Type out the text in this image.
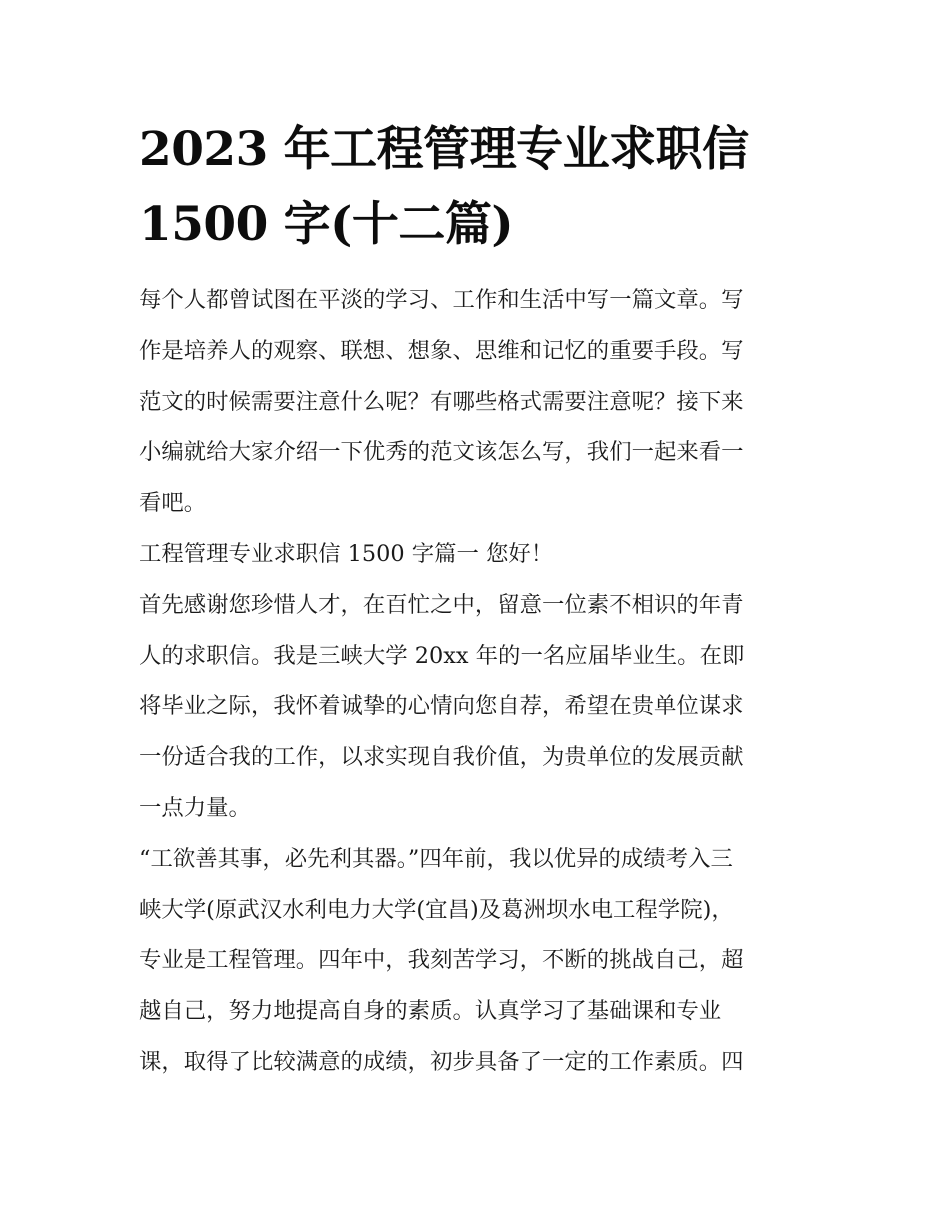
2023 年工程管理专业求职信
1500 字(十二篇)
每个人都曾试图在平淡的学习、工作和生活中写一篇文章。写
作是培养人的观察、联想、想象、思维和记忆的重要手段。写
范文的时候需要注意什么呢？有哪些格式需要注意呢？接下来
小编就给大家介绍一下优秀的范文该怎么写，我们一起来看一
看吧。
工程管理专业求职信 1500 字篇一 您好！
首先感谢您珍惜人才，在百忙之中，留意一位素不相识的年青
人的求职信。我是三峡大学 20xx 年的一名应届毕业生。在即
将毕业之际，我怀着诚挚的心情向您自荐，希望在贵单位谋求
一份适合我的工作，以求实现自我价值，为贵单位的发展贡献
一点力量。
“工欲善其事，必先利其器。”四年前，我以优异的成绩考入三
峡大学(原武汉水利电力大学(宜昌)及葛洲坝水电工程学院)，
专业是工程管理。四年中，我刻苦学习，不断的挑战自己，超
越自己，努力地提高自身的素质。认真学习了基础课和专业
课，取得了比较满意的成绩，初步具备了一定的工作素质。四
